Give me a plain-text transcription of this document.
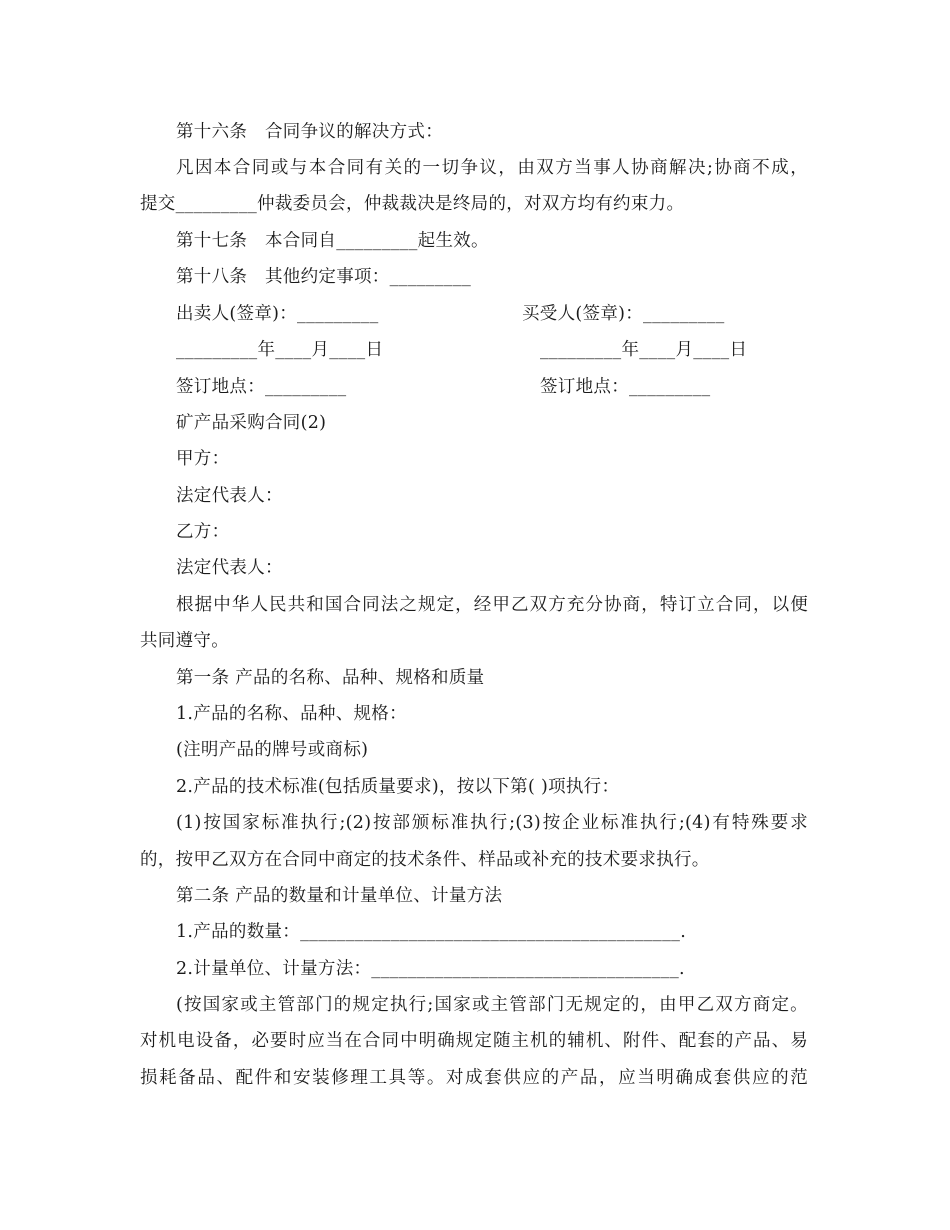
第十六条　合同争议的解决方式：
凡因本合同或与本合同有关的一切争议，由双方当事人协商解决;协商不成，
提交_________仲裁委员会，仲裁裁决是终局的，对双方均有约束力。
第十七条　本合同自_________起生效。
第十八条　其他约定事项：_________
出卖人(签章)：_________	买受人(签章)：_________
_________年____月____日	_________年____月____日
签订地点：_________	签订地点：_________
矿产品采购合同(2)
甲方：
法定代表人：
乙方：
法定代表人：
根据中华人民共和国合同法之规定，经甲乙双方充分协商，特订立合同，以便
共同遵守。
第一条 产品的名称、品种、规格和质量
1.产品的名称、品种、规格：
(注明产品的牌号或商标)
2.产品的技术标准(包括质量要求)，按以下第( )项执行：
(1)按国家标准执行;(2)按部颁标准执行;(3)按企业标准执行;(4)有特殊要求
的，按甲乙双方在合同中商定的技术条件、样品或补充的技术要求执行。
第二条 产品的数量和计量单位、计量方法
1.产品的数量：__________________________________________.
2.计量单位、计量方法：__________________________________.
(按国家或主管部门的规定执行;国家或主管部门无规定的，由甲乙双方商定。
对机电设备，必要时应当在合同中明确规定随主机的辅机、附件、配套的产品、易
损耗备品、配件和安装修理工具等。对成套供应的产品，应当明确成套供应的范
